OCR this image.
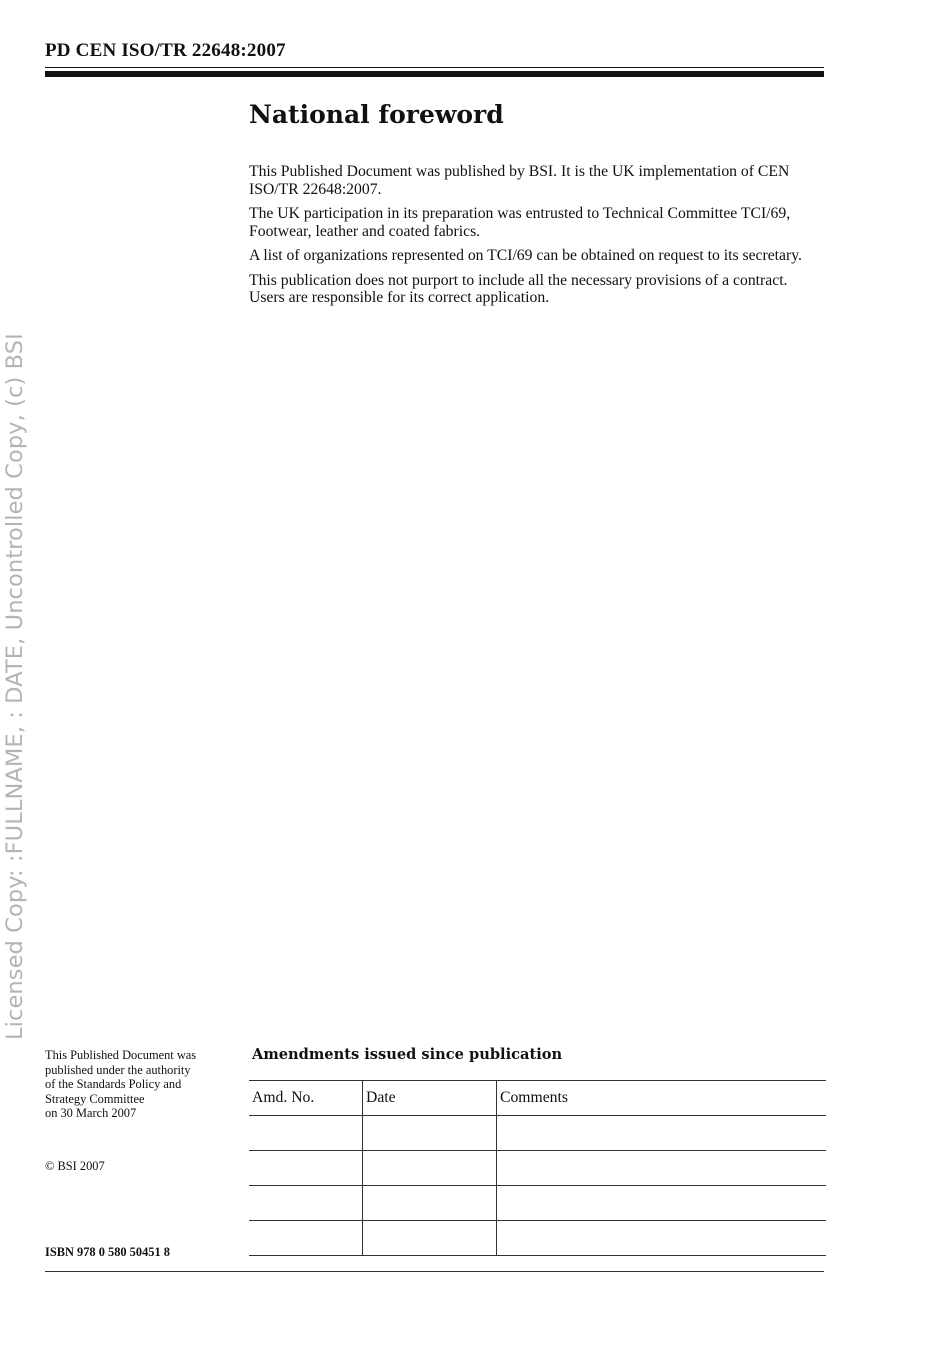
PD CEN ISO/TR 22648:2007
National foreword

This Published Document was published by BSI. It is the UK implementation of CEN ISO/TR 22648:2007.

The UK participation in its preparation was entrusted to Technical Committee TCI/69, Footwear, leather and coated fabrics.

A list of organizations represented on TCI/69 can be obtained on request to its secretary.

This publication does not purport to include all the necessary provisions of a contract. Users are responsible for its correct application.

Licensed Copy: :FULLNAME, : DATE, Uncontrolled Copy, (c) BSI
This Published Document was
published under the authority
of the Standards Policy and
Strategy Committee
on 30 March 2007
© BSI 2007
ISBN 978 0 580 50451 8
Amendments issued since publication
Amd. No.	Date	Comments
